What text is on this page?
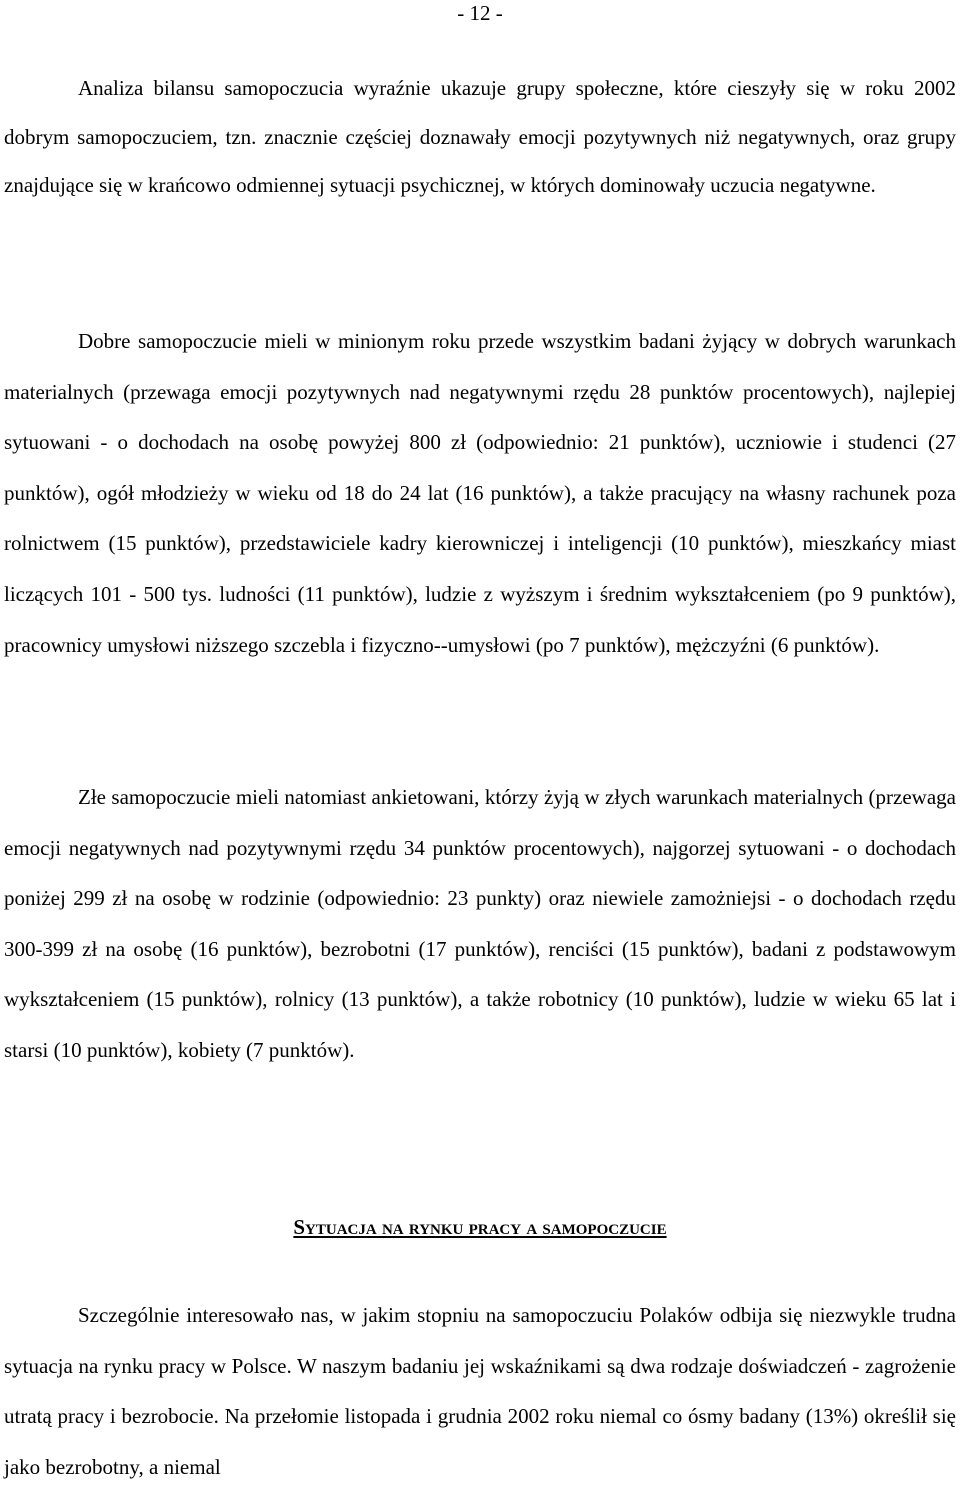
- 12 -

Analiza bilansu samopoczucia wyraźnie ukazuje grupy społeczne, które cieszyły się w roku 2002 dobrym samopoczuciem, tzn. znacznie częściej doznawały emocji pozytywnych niż negatywnych, oraz grupy znajdujące się w krańcowo odmiennej sytuacji psychicznej, w których dominowały uczucia negatywne.

Dobre samopoczucie mieli w minionym roku przede wszystkim badani żyjący w dobrych warunkach materialnych (przewaga emocji pozytywnych nad negatywnymi rzędu 28 punktów procentowych), najlepiej sytuowani - o dochodach na osobę powyżej 800 zł (odpowiednio: 21 punktów), uczniowie i studenci (27 punktów), ogół młodzieży w wieku od 18 do 24 lat (16 punktów), a także pracujący na własny rachunek poza rolnictwem (15 punktów), przedstawiciele kadry kierowniczej i inteligencji (10 punktów), mieszkańcy miast liczących 101 - 500 tys. ludności (11 punktów), ludzie z wyższym i średnim wykształceniem (po 9 punktów), pracownicy umysłowi niższego szczebla i fizyczno--umysłowi (po 7 punktów), mężczyźni (6 punktów).

Złe samopoczucie mieli natomiast ankietowani, którzy żyją w złych warunkach materialnych (przewaga emocji negatywnych nad pozytywnymi rzędu 34 punktów procentowych), najgorzej sytuowani - o dochodach poniżej 299 zł na osobę w rodzinie (odpowiednio: 23 punkty) oraz niewiele zamożniejsi - o dochodach rzędu 300-399 zł na osobę (16 punktów), bezrobotni (17 punktów), renciści (15 punktów), badani z podstawowym wykształceniem (15 punktów), rolnicy (13 punktów), a także robotnicy (10 punktów), ludzie w wieku 65 lat i starsi (10 punktów), kobiety (7 punktów).

Sytuacja na rynku pracy a samopoczucie

Szczególnie interesowało nas, w jakim stopniu na samopoczuciu Polaków odbija się niezwykle trudna sytuacja na rynku pracy w Polsce. W naszym badaniu jej wskaźnikami są dwa rodzaje doświadczeń - zagrożenie utratą pracy i bezrobocie. Na przełomie listopada i grudnia 2002 roku niemal co ósmy badany (13%) określił się jako bezrobotny, a niemal
